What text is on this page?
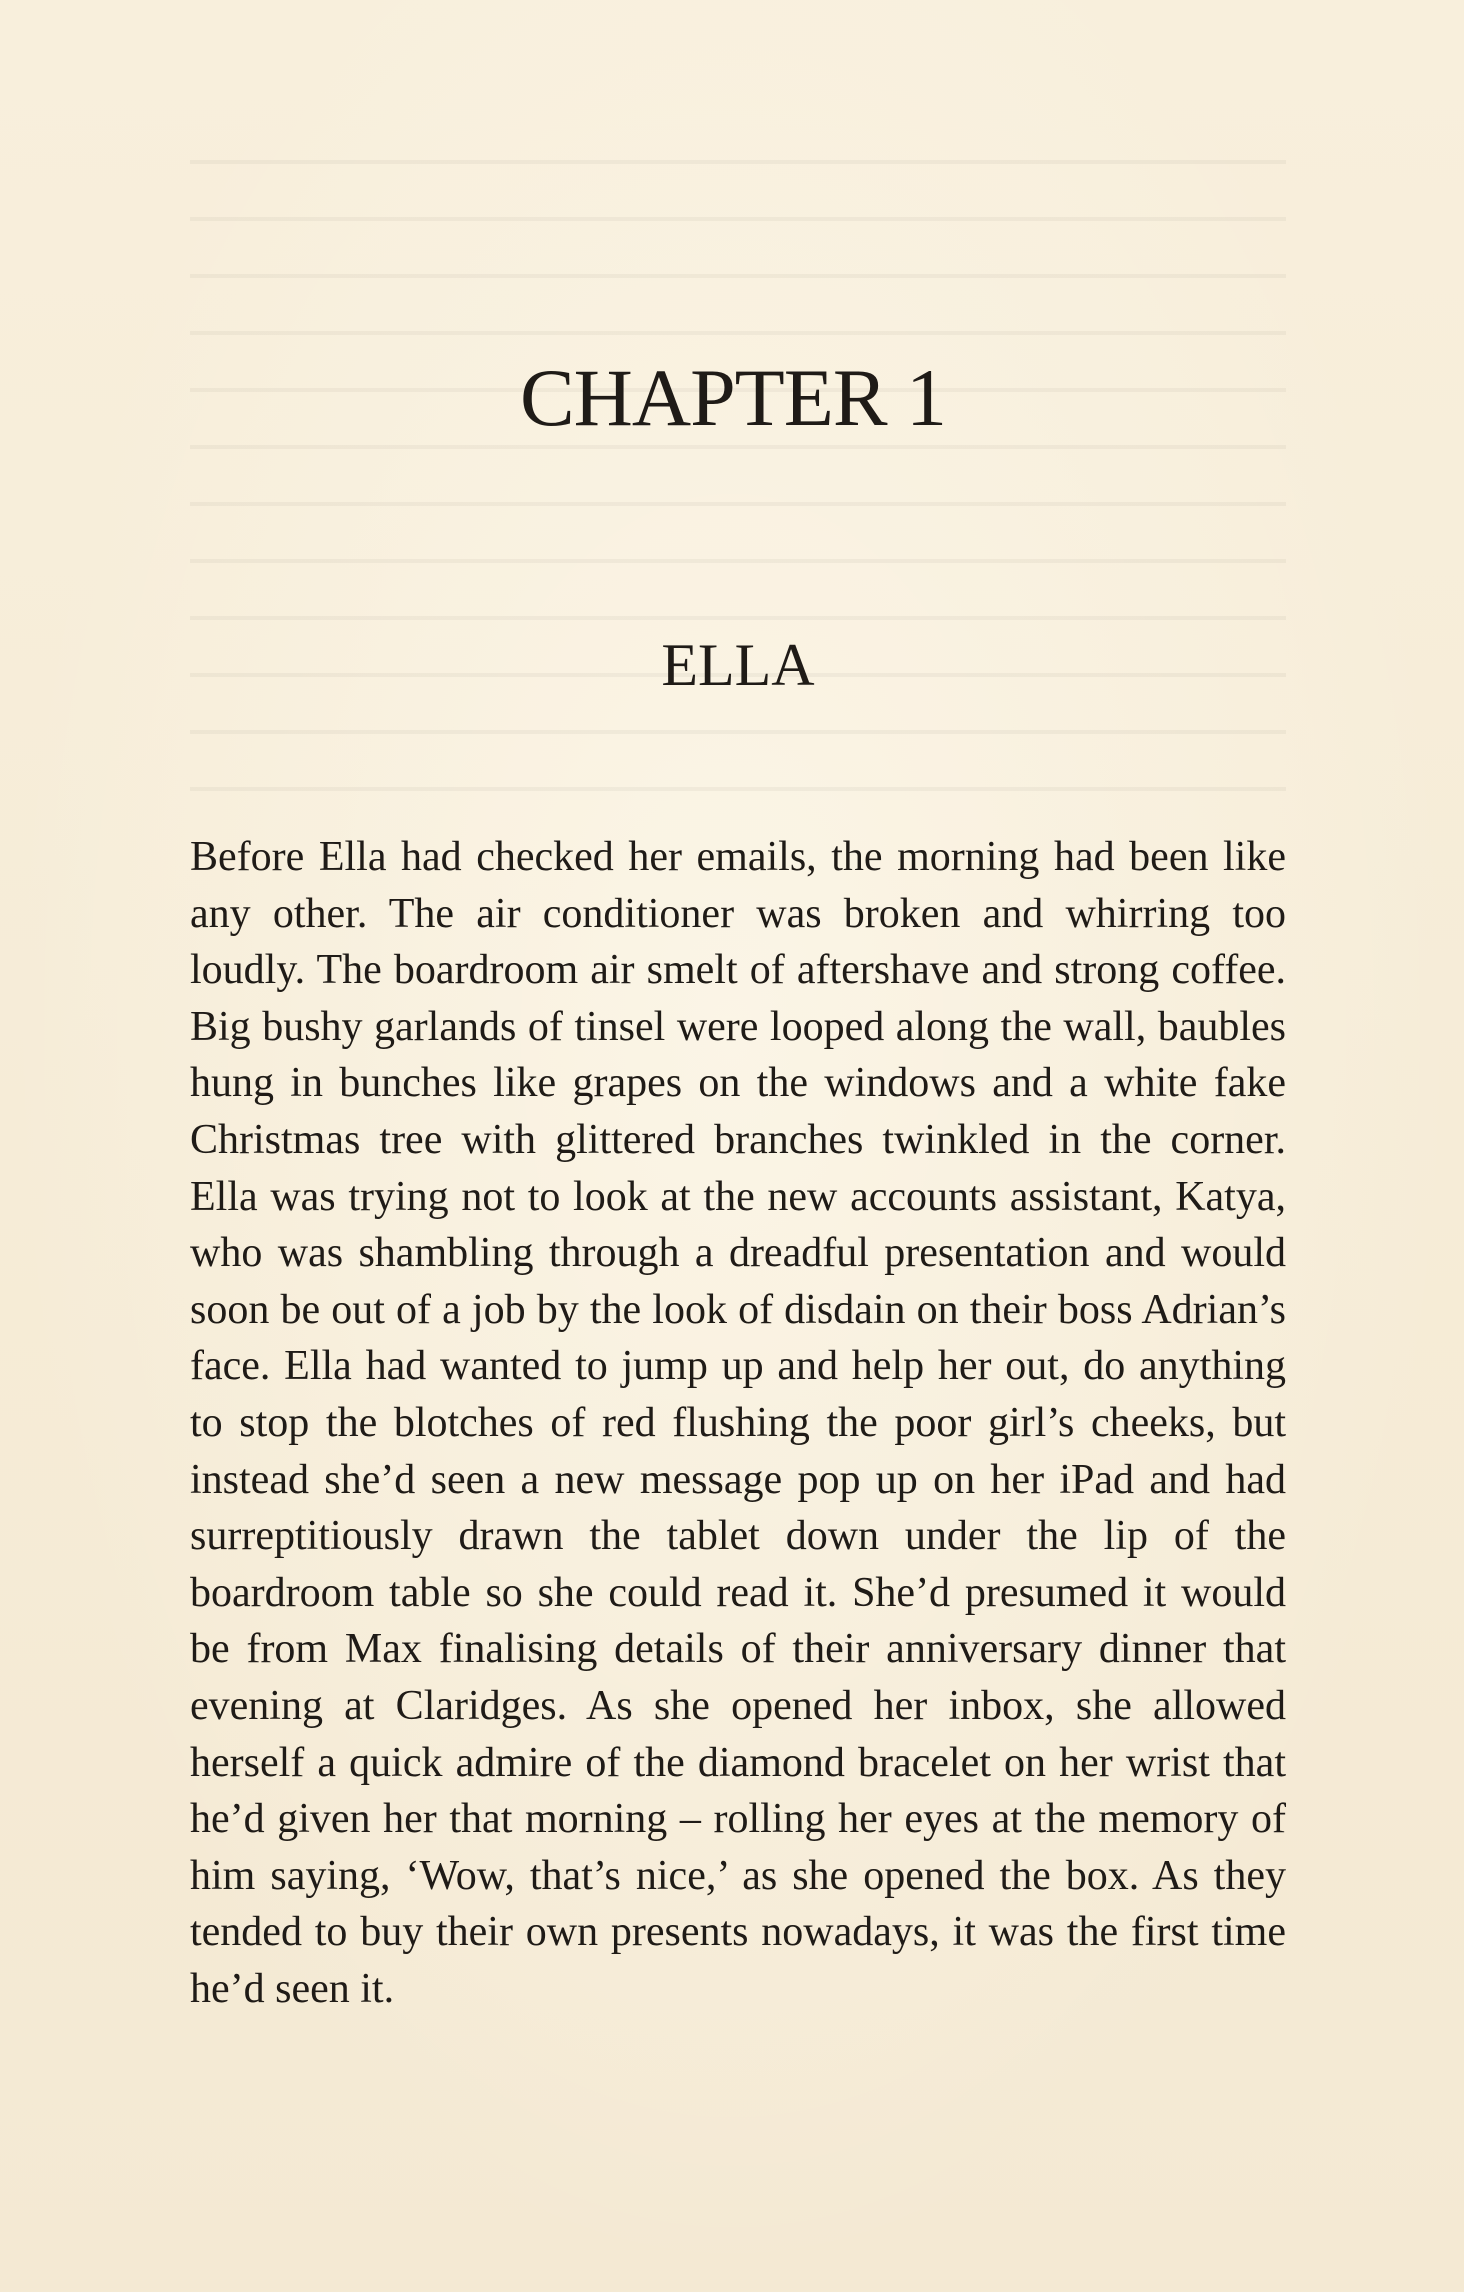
CHAPTER 1
ELLA

Before Ella had checked her emails, the morning had been like any other. The air conditioner was broken and whirring too loudly. The boardroom air smelt of aftershave and strong coffee. Big bushy garlands of tinsel were looped along the wall, baubles hung in bunches like grapes on the windows and a white fake Christmas tree with glittered branches twinkled in the corner. Ella was trying not to look at the new accounts assistant, Katya, who was shambling through a dreadful presentation and would soon be out of a job by the look of disdain on their boss Adrian’s face. Ella had wanted to jump up and help her out, do anything to stop the blotches of red flushing the poor girl’s cheeks, but instead she’d seen a new message pop up on her iPad and had surreptitiously drawn the tablet down under the lip of the boardroom table so she could read it. She’d presumed it would be from Max finalising details of their anniversary dinner that evening at Claridges. As she opened her inbox, she allowed herself a quick admire of the diamond bracelet on her wrist that he’d given her that morning – rolling her eyes at the memory of him saying, ‘Wow, that’s nice,’ as she opened the box. As they tended to buy their own presents nowadays, it was the first time he’d seen it.
